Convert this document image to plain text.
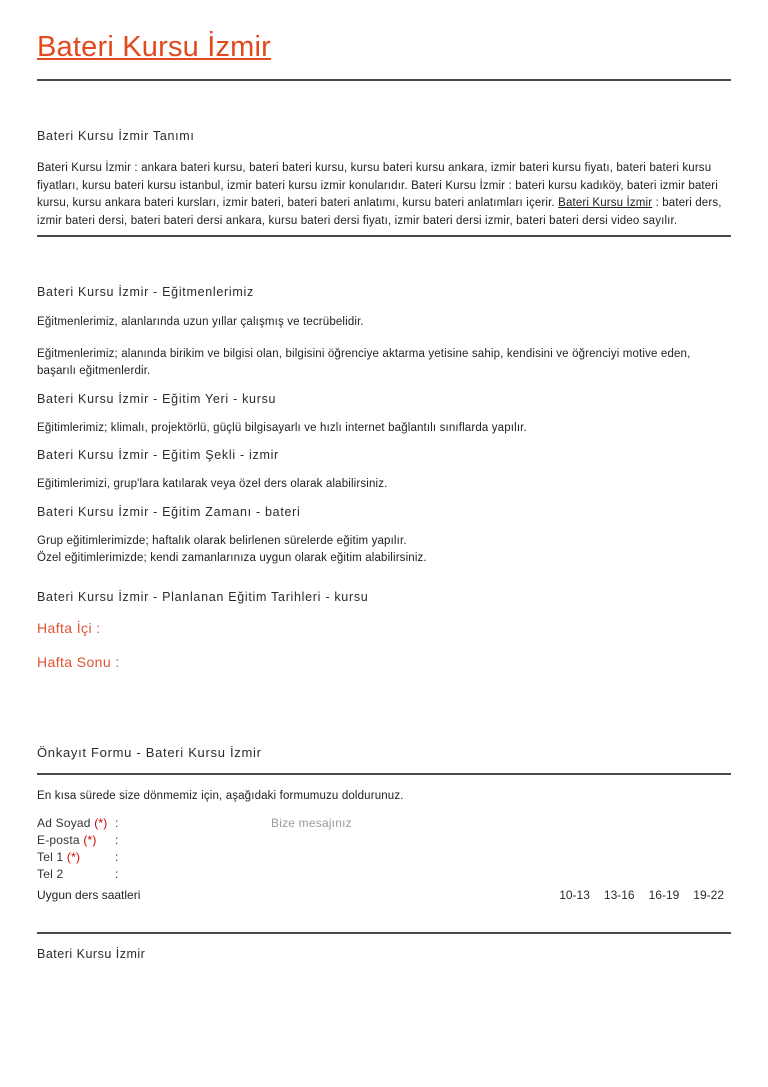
Bateri Kursu İzmir
Bateri Kursu İzmir Tanımı

Bateri Kursu İzmir : ankara bateri kursu, bateri bateri kursu, kursu bateri kursu ankara, izmir bateri kursu fiyatı, bateri bateri kursu fiyatları, kursu bateri kursu istanbul, izmir bateri kursu izmir konularıdır. Bateri Kursu İzmir : bateri kursu kadıköy, bateri izmir bateri kursu, kursu ankara bateri kursları, izmir bateri, bateri bateri anlatımı, kursu bateri anlatımları içerir. Bateri Kursu İzmir : bateri ders, izmir bateri dersi, bateri bateri dersi ankara, kursu bateri dersi fiyatı, izmir bateri dersi izmir, bateri bateri dersi video sayılır.

Bateri Kursu İzmir - Eğitmenlerimiz

Eğitmenlerimiz, alanlarında uzun yıllar çalışmış ve tecrübelidir.

Eğitmenlerimiz; alanında birikim ve bilgisi olan, bilgisini öğrenciye aktarma yetisine sahip, kendisini ve öğrenciyi motive eden, başarılı eğitmenlerdir.

Bateri Kursu İzmir - Eğitim Yeri - kursu

Eğitimlerimiz; klimalı, projektörlü, güçlü bilgisayarlı ve hızlı internet bağlantılı sınıflarda yapılır.

Bateri Kursu İzmir - Eğitim Şekli - izmir

Eğitimlerimizi, grup'lara katılarak veya özel ders olarak alabilirsiniz.

Bateri Kursu İzmir - Eğitim Zamanı - bateri

Grup eğitimlerimizde; haftalık olarak belirlenen sürelerde eğitim yapılır.

Özel eğitimlerimizde; kendi zamanlarınıza uygun olarak eğitim alabilirsiniz.

Bateri Kursu İzmir - Planlanan Eğitim Tarihleri - kursu

Hafta İçi :

Hafta Sonu :

Önkayıt Formu - Bateri Kursu İzmir

En kısa sürede size dönmemiz için, aşağıdaki formumuzu doldurunuz.

Ad Soyad (*) :	Bize mesajınız
E-posta (*)	:
Tel 1 (*)	:
Tel 2	:
Uygun ders saatleri	10-13 13-16 16-19 19-22
Bateri Kursu İzmir
